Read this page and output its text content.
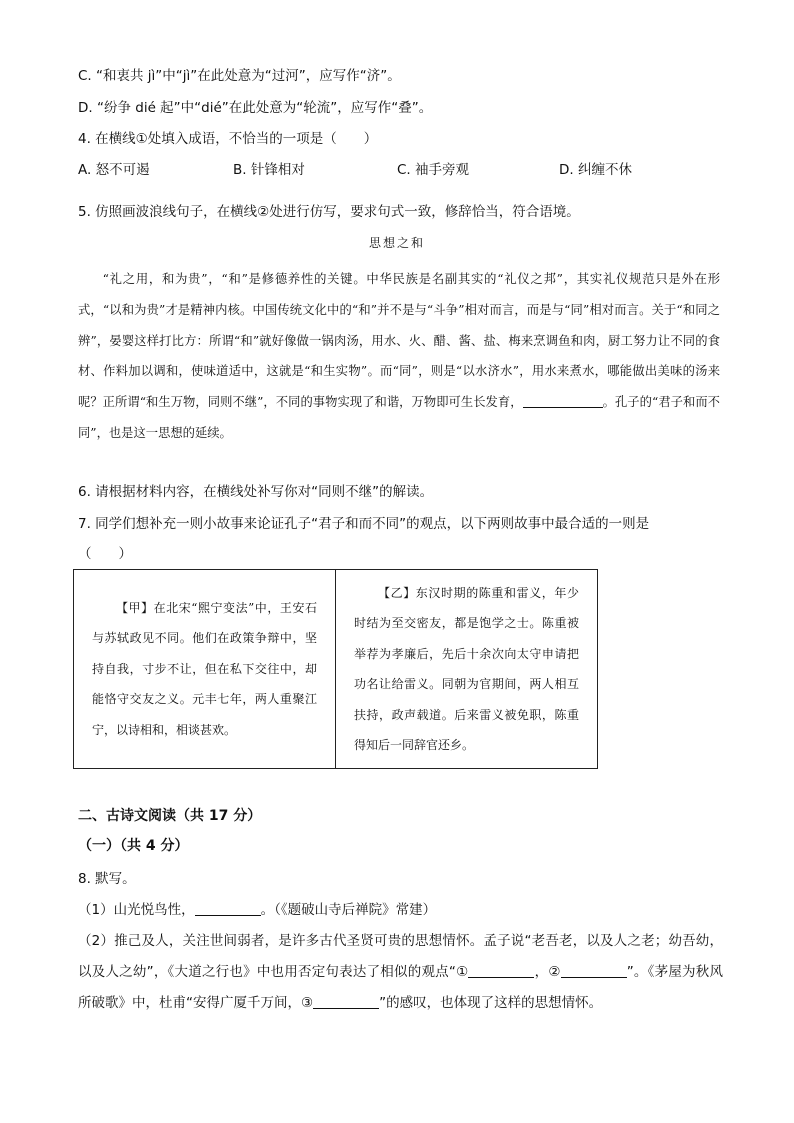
C. “和衷共 jì”中“jì”在此处意为“过河”，应写作“济”。
D. “纷争 dié 起”中“dié”在此处意为“轮流”，应写作“叠”。
4. 在横线①处填入成语，不恰当的一项是（　　）
A. 怒不可遏	B. 针锋相对	C. 袖手旁观	D. 纠缠不休
5. 仿照画波浪线句子，在横线②处进行仿写，要求句式一致，修辞恰当，符合语境。
思想之和
“礼之用，和为贵”，“和”是修德养性的关键。中华民族是名副其实的“礼仪之邦”，其实礼仪规范只是外在形式，“以和为贵”才是精神内核。中国传统文化中的“和”并不是与“斗争”相对而言，而是与“同”相对而言。关于“和同之辨”，晏婴这样打比方：所谓“和”就好像做一锅肉汤，用水、火、醋、酱、盐、梅来烹调鱼和肉，厨工努力让不同的食材、作料加以调和，使味道适中，这就是“和生实物”。而“同”，则是“以水济水”，用水来煮水，哪能做出美味的汤来呢？正所谓“和生万物，同则不继”，不同的事物实现了和谐，万物即可生长发育，	。孔子的“君子和而不同”，也是这一思想的延续。
6. 请根据材料内容，在横线处补写你对“同则不继”的解读。
7. 同学们想补充一则小故事来论证孔子“君子和而不同”的观点，以下两则故事中最合适的一则是
（　　）
【甲】在北宋“熙宁变法”中，王安石与苏轼政见不同。他们在政策争辩中，坚持自我，寸步不让，但在私下交往中，却能恪守交友之义。元丰七年，两人重聚江宁，以诗相和，相谈甚欢。	【乙】东汉时期的陈重和雷义，年少时结为至交密友，都是饱学之士。陈重被举荐为孝廉后，先后十余次向太守申请把功名让给雷义。同朝为官期间，两人相互扶持，政声载道。后来雷义被免职，陈重得知后一同辞官还乡。
二、古诗文阅读（共 17 分）
（一）（共 4 分）
8. 默写。
（1）山光悦鸟性，	。（《题破山寺后禅院》常建）
（2）推己及人，关注世间弱者，是许多古代圣贤可贵的思想情怀。孟子说“老吾老，以及人之老；幼吾幼，以及人之幼”，《大道之行也》中也用否定句表达了相似的观点“①	，②	”。《茅屋为秋风所破歌》中，杜甫“安得广厦千万间，③	”的感叹，也体现了这样的思想情怀。
